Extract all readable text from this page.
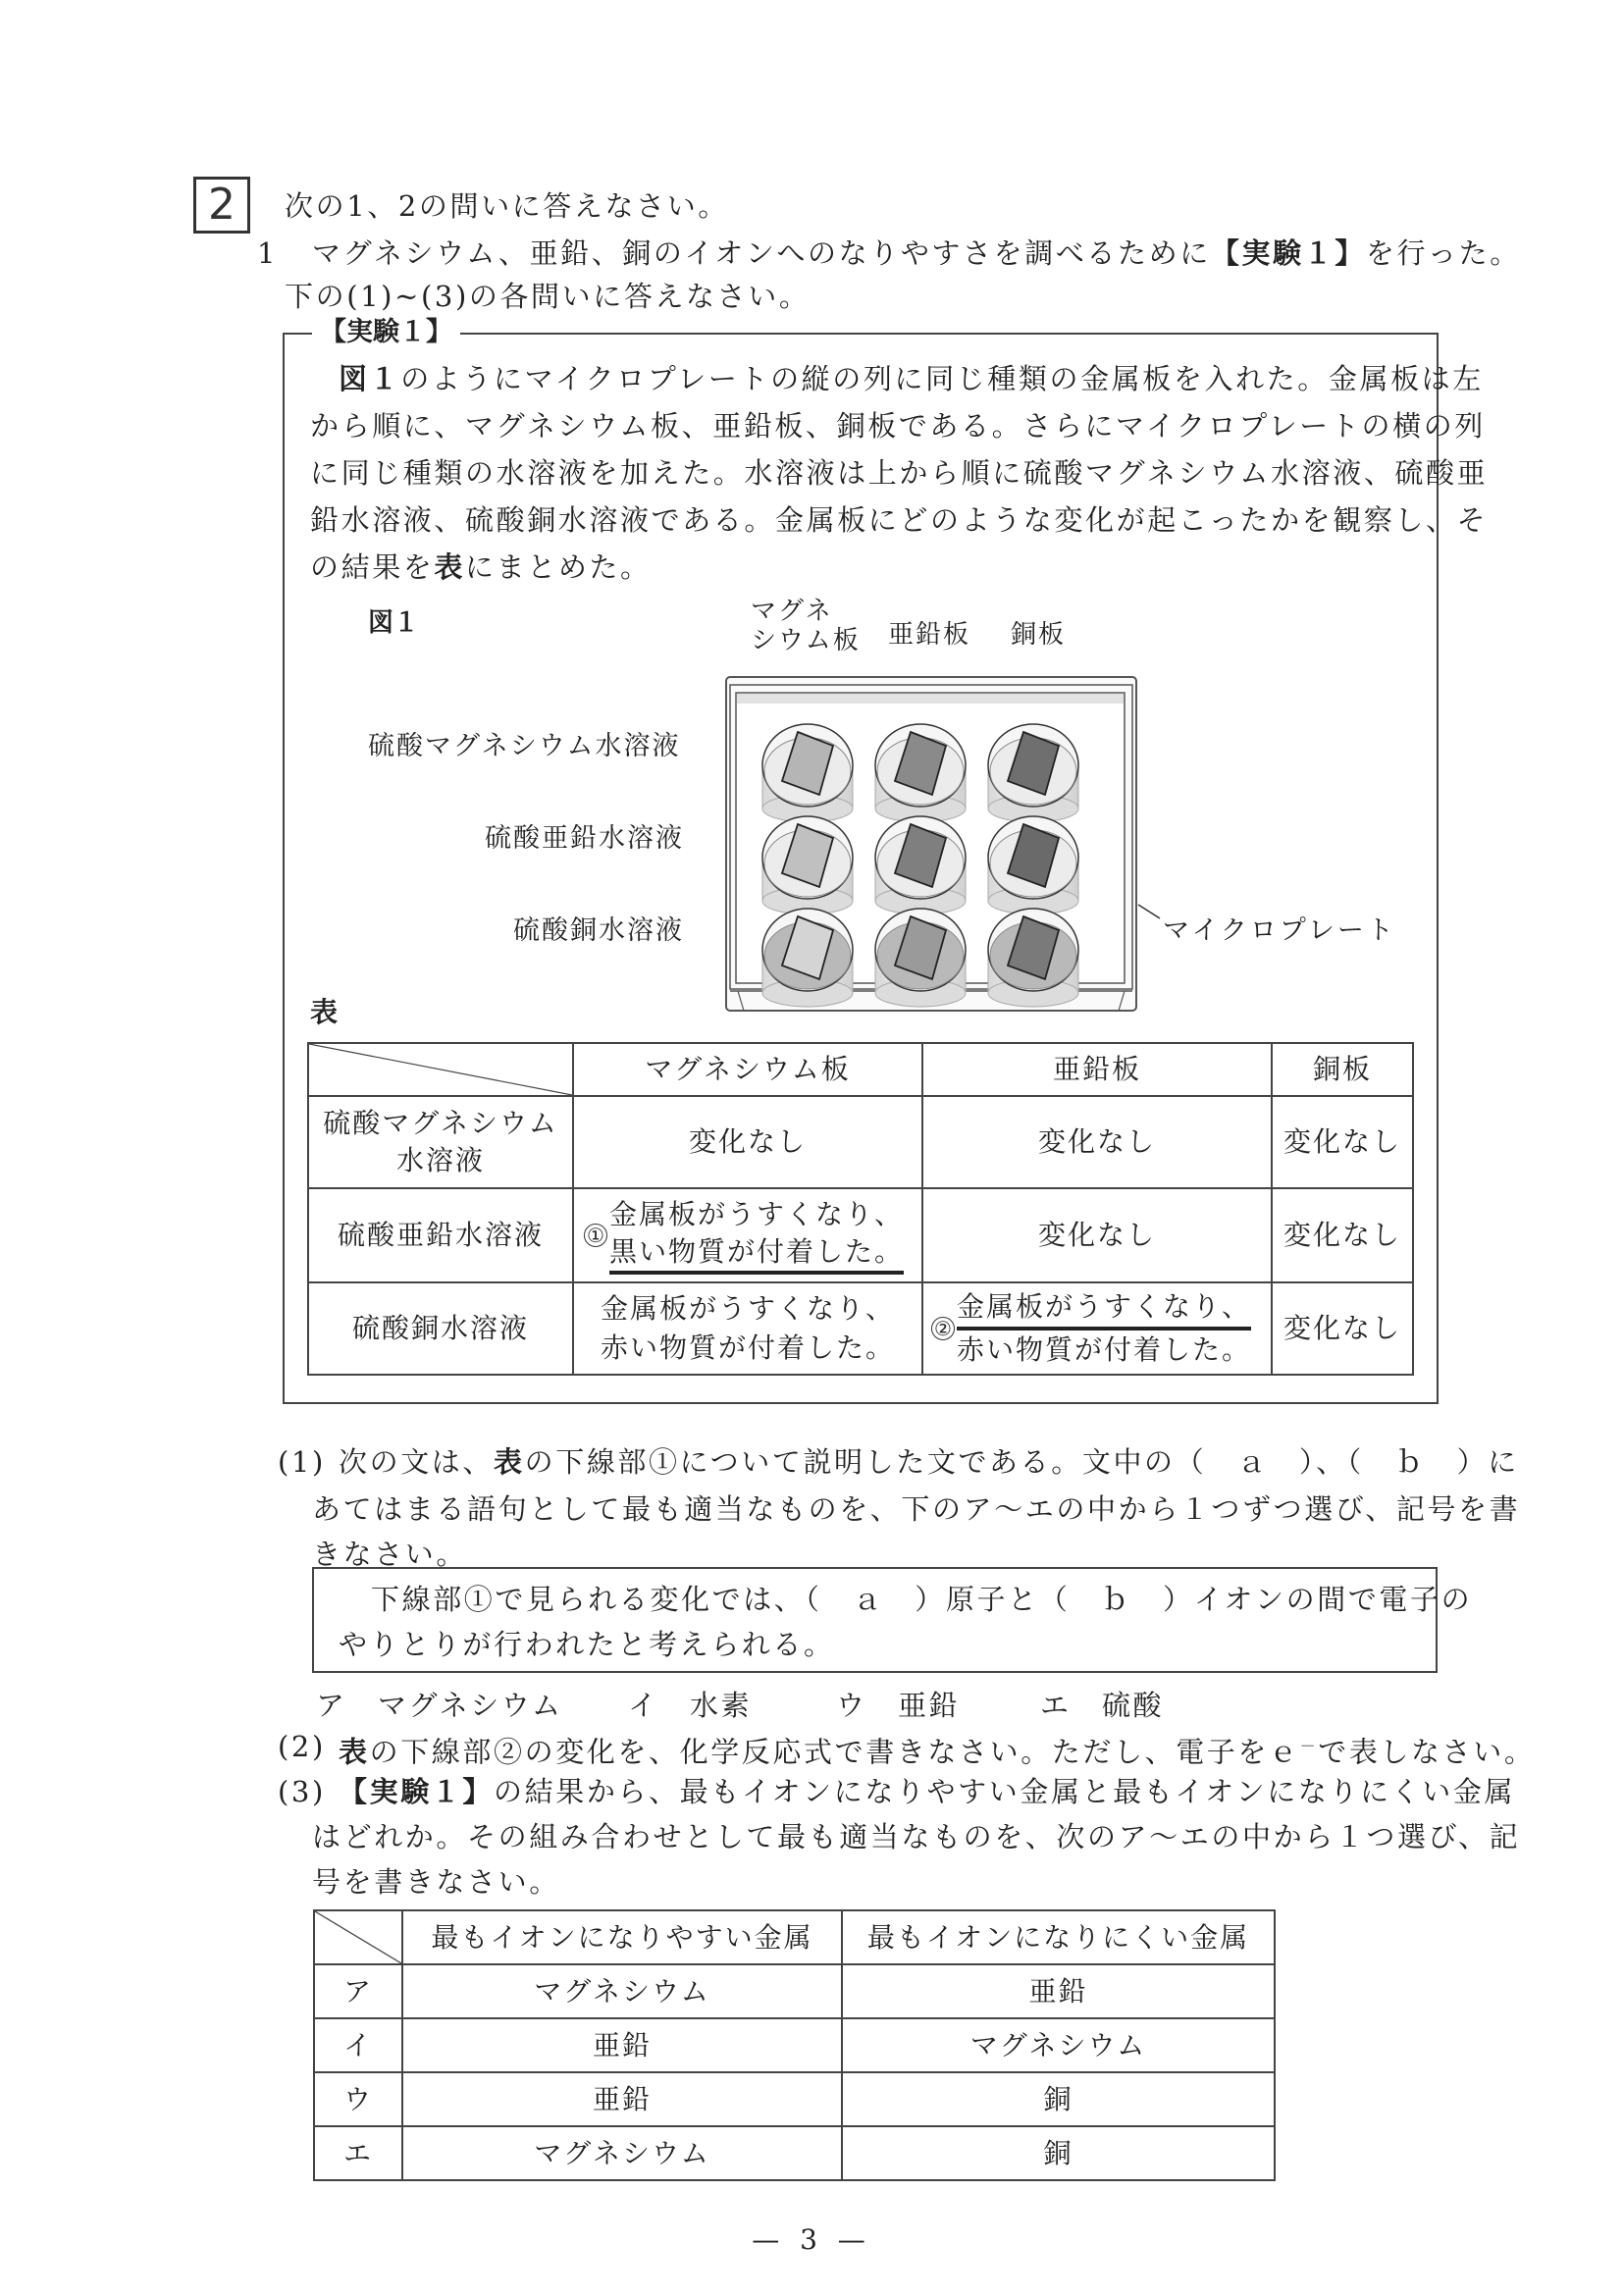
2	次の1、2の問いに答えなさい。
1 マグネシウム、亜鉛、銅のイオンへのなりやすさを調べるために【実験１】を行った。
下の(1)~(3)の各問いに答えなさい。
【実験１】
図１のようにマイクロプレートの縦の列に同じ種類の金属板を入れた。金属板は左
から順に、マグネシウム板、亜鉛板、銅板である。さらにマイクロプレートの横の列
に同じ種類の水溶液を加えた。水溶液は上から順に硫酸マグネシウム水溶液、硫酸亜
鉛水溶液、硫酸銅水溶液である。金属板にどのような変化が起こったかを観察し、そ
の結果を表にまとめた。
図１	マグネ
シウム板 亜鉛板 銅板
硫酸マグネシウム水溶液
硫酸亜鉛水溶液
硫酸銅水溶液	マイクロプレート
表
	マグネシウム板	亜鉛板	銅板
硫酸マグネシウム
水溶液	変化なし	変化なし	変化なし
硫酸亜鉛水溶液	①
金属板がうすくなり、
黒い物質が付着した。	変化なし	変化なし
硫酸銅水溶液	金属板がうすくなり、
赤い物質が付着した。	②
金属板がうすくなり、
赤い物質が付着した。	変化なし
(1) 次の文は、表の下線部①について説明した文である。文中の（　ａ　）、（　ｂ　）に
あてはまる語句として最も適当なものを、下のア～エの中から１つずつ選び、記号を書
きなさい。
下線部①で見られる変化では、（　ａ　）原子と（　ｂ　）イオンの間で電子の
やりとりが行われたと考えられる。
ア　 マグネシウム イ　 水素	ウ　 亜鉛	エ　 硫酸
(2) 表の下線部②の変化を、化学反応式で書きなさい。ただし、電子をｅ－で表しなさい。
(3) 【実験１】の結果から、最もイオンになりやすい金属と最もイオンになりにくい金属
はどれか。その組み合わせとして最も適当なものを、次のア～エの中から１つ選び、記
号を書きなさい。
	最もイオンになりやすい金属	最もイオンになりにくい金属
ア	マグネシウム	亜鉛
イ	亜鉛	マグネシウム
ウ	亜鉛	銅
エ	マグネシウム	銅
— 3 —
